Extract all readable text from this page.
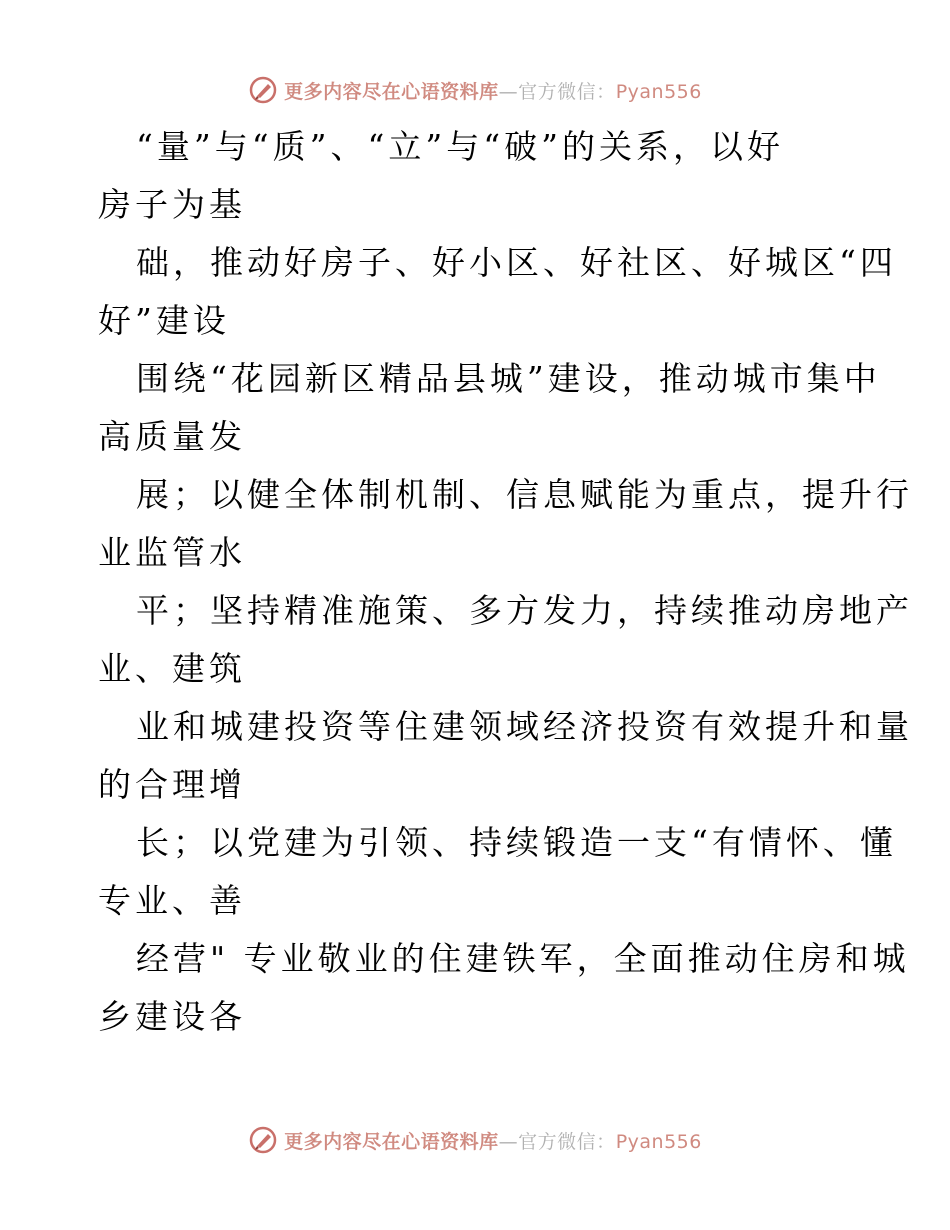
更多内容尽在心语资料库—官方微信：Pyan556
“量”与“质”、“立”与“破”的关系，以好
房子为基
础，推动好房子、好小区、好社区、好城区“四
好”建设
围绕“花园新区精品县城”建设，推动城市集中
高质量发
展；以健全体制机制、信息赋能为重点，提升行
业监管水
平；坚持精准施策、多方发力，持续推动房地产
业、建筑
业和城建投资等住建领域经济投资有效提升和量
的合理增
长；以党建为引领、持续锻造一支“有情怀、懂
专业、善
经营" 专业敬业的住建铁军，全面推动住房和城
乡建设各
更多内容尽在心语资料库—官方微信：Pyan556
